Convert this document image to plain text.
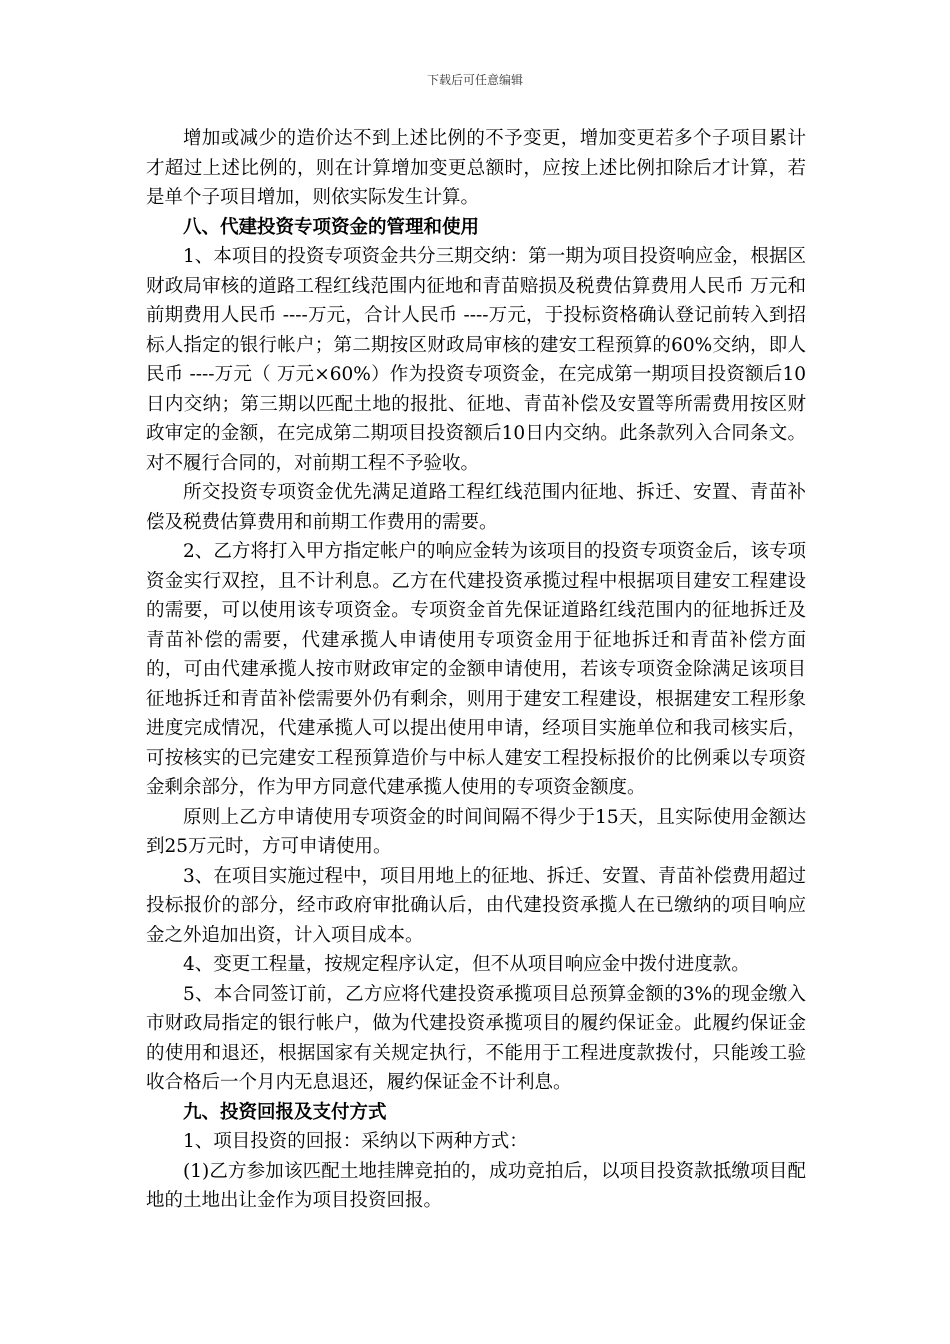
下载后可任意编辑

增加或减少的造价达不到上述比例的不予变更，增加变更若多个子项目累计才超过上述比例的，则在计算增加变更总额时，应按上述比例扣除后才计算，若是单个子项目增加，则依实际发生计算。

八、代建投资专项资金的管理和使用

1、本项目的投资专项资金共分三期交纳：第一期为项目投资响应金，根据区财政局审核的道路工程红线范围内征地和青苗赔损及税费估算费用人民币 万元和前期费用人民币 ----万元，合计人民币 ----万元，于投标资格确认登记前转入到招标人指定的银行帐户；第二期按区财政局审核的建安工程预算的60%交纳，即人民币 ----万元（ 万元×60%）作为投资专项资金，在完成第一期项目投资额后10日内交纳；第三期以匹配土地的报批、征地、青苗补偿及安置等所需费用按区财政审定的金额，在完成第二期项目投资额后10日内交纳。此条款列入合同条文。对不履行合同的，对前期工程不予验收。

所交投资专项资金优先满足道路工程红线范围内征地、拆迁、安置、青苗补偿及税费估算费用和前期工作费用的需要。

2、乙方将打入甲方指定帐户的响应金转为该项目的投资专项资金后，该专项资金实行双控，且不计利息。乙方在代建投资承揽过程中根据项目建安工程建设的需要，可以使用该专项资金。专项资金首先保证道路红线范围内的征地拆迁及青苗补偿的需要，代建承揽人申请使用专项资金用于征地拆迁和青苗补偿方面的，可由代建承揽人按市财政审定的金额申请使用，若该专项资金除满足该项目征地拆迁和青苗补偿需要外仍有剩余，则用于建安工程建设，根据建安工程形象进度完成情况，代建承揽人可以提出使用申请，经项目实施单位和我司核实后，可按核实的已完建安工程预算造价与中标人建安工程投标报价的比例乘以专项资金剩余部分，作为甲方同意代建承揽人使用的专项资金额度。

原则上乙方申请使用专项资金的时间间隔不得少于15天，且实际使用金额达到25万元时，方可申请使用。

3、在项目实施过程中，项目用地上的征地、拆迁、安置、青苗补偿费用超过投标报价的部分，经市政府审批确认后，由代建投资承揽人在已缴纳的项目响应金之外追加出资，计入项目成本。

4、变更工程量，按规定程序认定，但不从项目响应金中拨付进度款。

5、本合同签订前，乙方应将代建投资承揽项目总预算金额的3%的现金缴入 市财政局指定的银行帐户，做为代建投资承揽项目的履约保证金。此履约保证金的使用和退还，根据国家有关规定执行，不能用于工程进度款拨付，只能竣工验收合格后一个月内无息退还，履约保证金不计利息。

九、投资回报及支付方式

1、项目投资的回报：采纳以下两种方式：

(1)乙方参加该匹配土地挂牌竞拍的，成功竞拍后，以项目投资款抵缴项目配地的土地出让金作为项目投资回报。
